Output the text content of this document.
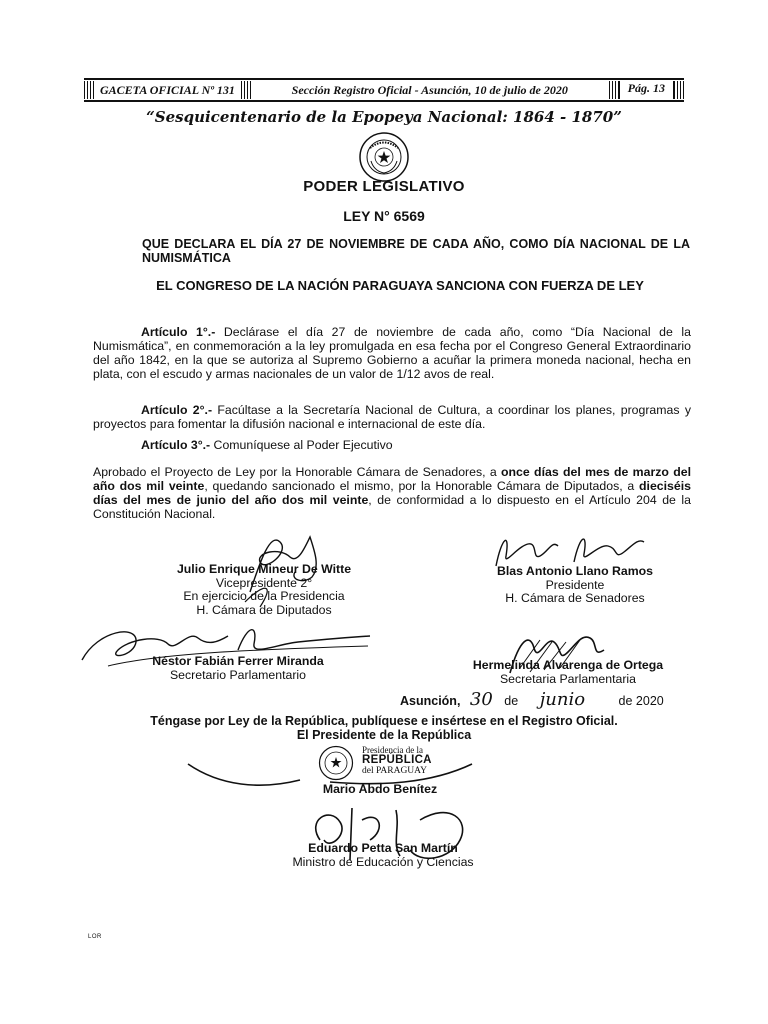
GACETA OFICIAL Nº 131	Sección Registro Oficial - Asunción, 10 de julio de 2020	Pág. 13
“Sesquicentenario de la Epopeya Nacional: 1864 - 1870”
PODER LEGISLATIVO
LEY N° 6569
QUE DECLARA EL DÍA 27 DE NOVIEMBRE DE CADA AÑO, COMO DÍA NACIONAL DE LA NUMISMÁTICA
EL CONGRESO DE LA NACIÓN PARAGUAYA SANCIONA CON FUERZA DE LEY
Artículo 1°.- Declárase el día 27 de noviembre de cada año, como “Día Nacional de la Numismática”, en conmemoración a la ley promulgada en esa fecha por el Congreso General Extraordinario del año 1842, en la que se autoriza al Supremo Gobierno a acuñar la primera moneda nacional, hecha en plata, con el escudo y armas nacionales de un valor de 1/12 avos de real.
Artículo 2°.- Facúltase a la Secretaría Nacional de Cultura, a coordinar los planes, programas y proyectos para fomentar la difusión nacional e internacional de este día.
Artículo 3°.- Comuníquese al Poder Ejecutivo
Aprobado el Proyecto de Ley por la Honorable Cámara de Senadores, a once días del mes de marzo del año dos mil veinte, quedando sancionado el mismo, por la Honorable Cámara de Diputados, a dieciséis días del mes de junio del año dos mil veinte, de conformidad a lo dispuesto en el Artículo 204 de la Constitución Nacional.
Julio Enrique Mineur De Witte
Vicepresidente 2°
En ejercicio de la Presidencia
H. Cámara de Diputados
Blas Antonio Llano Ramos
Presidente
H. Cámara de Senadores
Néstor Fabián Ferrer Miranda
Secretario Parlamentario
Hermelinda Alvarenga de Ortega
Secretaria Parlamentaria
Asunción, 30 de junio	de 2020
Téngase por Ley de la República, publíquese e insértese en el Registro Oficial.
El Presidente de la República
Presidencia de la
REPÚBLICA
del PARAGUAY
Mario Abdo Benítez
Eduardo Petta San Martín
Ministro de Educación y Ciencias
LOR
